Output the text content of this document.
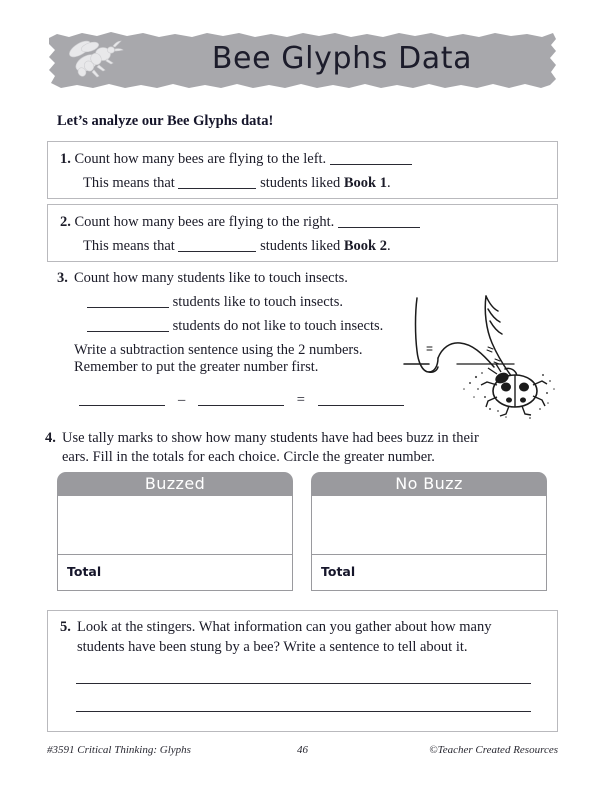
Bee Glyphs Data
Let’s analyze our Bee Glyphs data!
1. Count how many bees are flying to the left.
This means that	students liked Book 1.
2. Count how many bees are flying to the right.
This means that	students liked Book 2.
3. Count how many students like to touch insects.
students like to touch insects.
students do not like to touch insects.
Write a subtraction sentence using the 2 numbers.
Remember to put the greater number first.
–	=
4. Use tally marks to show how many students have had bees buzz in their
ears. Fill in the totals for each choice. Circle the greater number.
Buzzed
Total
No Buzz
Total
5. Look at the stingers. What information can you gather about how many
students have been stung by a bee? Write a sentence to tell about it.
#3591 Critical Thinking: Glyphs	46	©Teacher Created Resources
